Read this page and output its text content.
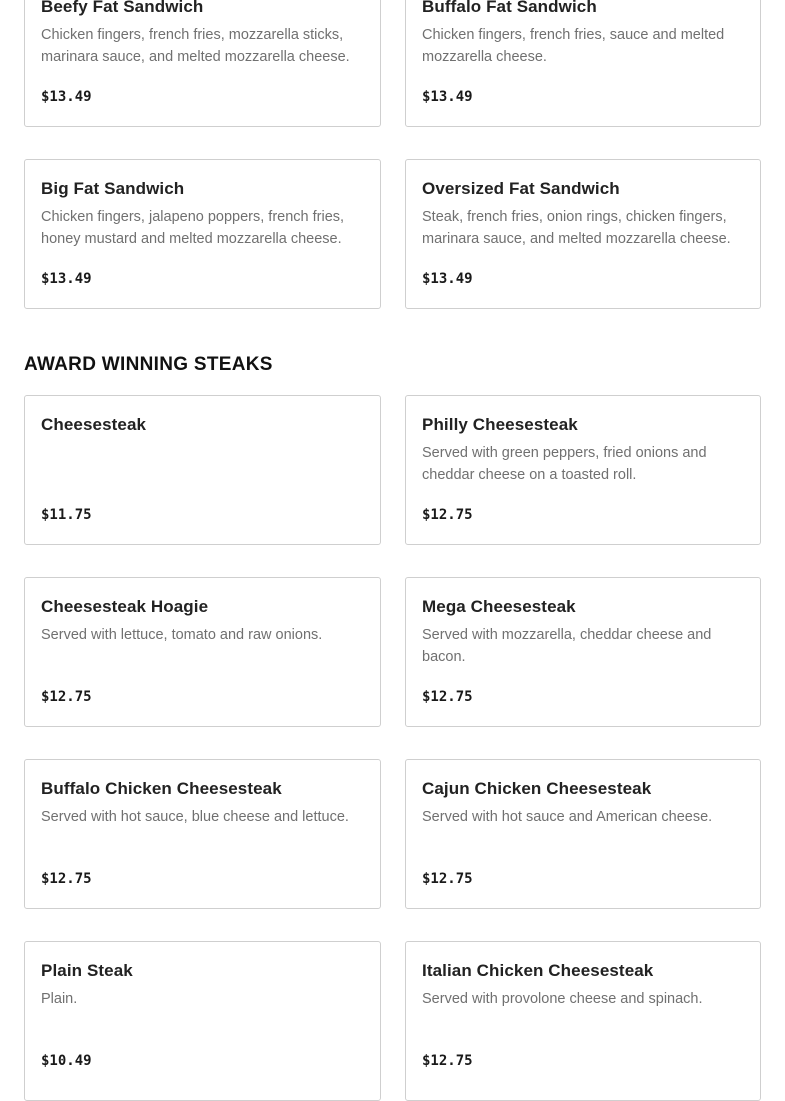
Beefy Fat Sandwich
Chicken fingers, french fries, mozzarella sticks, marinara sauce, and melted mozzarella cheese.
$13.49
Buffalo Fat Sandwich
Chicken fingers, french fries, sauce and melted mozzarella cheese.
$13.49
Big Fat Sandwich
Chicken fingers, jalapeno poppers, french fries, honey mustard and melted mozzarella cheese.
$13.49
Oversized Fat Sandwich
Steak, french fries, onion rings, chicken fingers, marinara sauce, and melted mozzarella cheese.
$13.49
AWARD WINNING STEAKS
Cheesesteak
$11.75
Philly Cheesesteak
Served with green peppers, fried onions and cheddar cheese on a toasted roll.
$12.75
Cheesesteak Hoagie
Served with lettuce, tomato and raw onions.
$12.75
Mega Cheesesteak
Served with mozzarella, cheddar cheese and bacon.
$12.75
Buffalo Chicken Cheesesteak
Served with hot sauce, blue cheese and lettuce.
$12.75
Cajun Chicken Cheesesteak
Served with hot sauce and American cheese.
$12.75
Plain Steak
Plain.
$10.49
Italian Chicken Cheesesteak
Served with provolone cheese and spinach.
$12.75
